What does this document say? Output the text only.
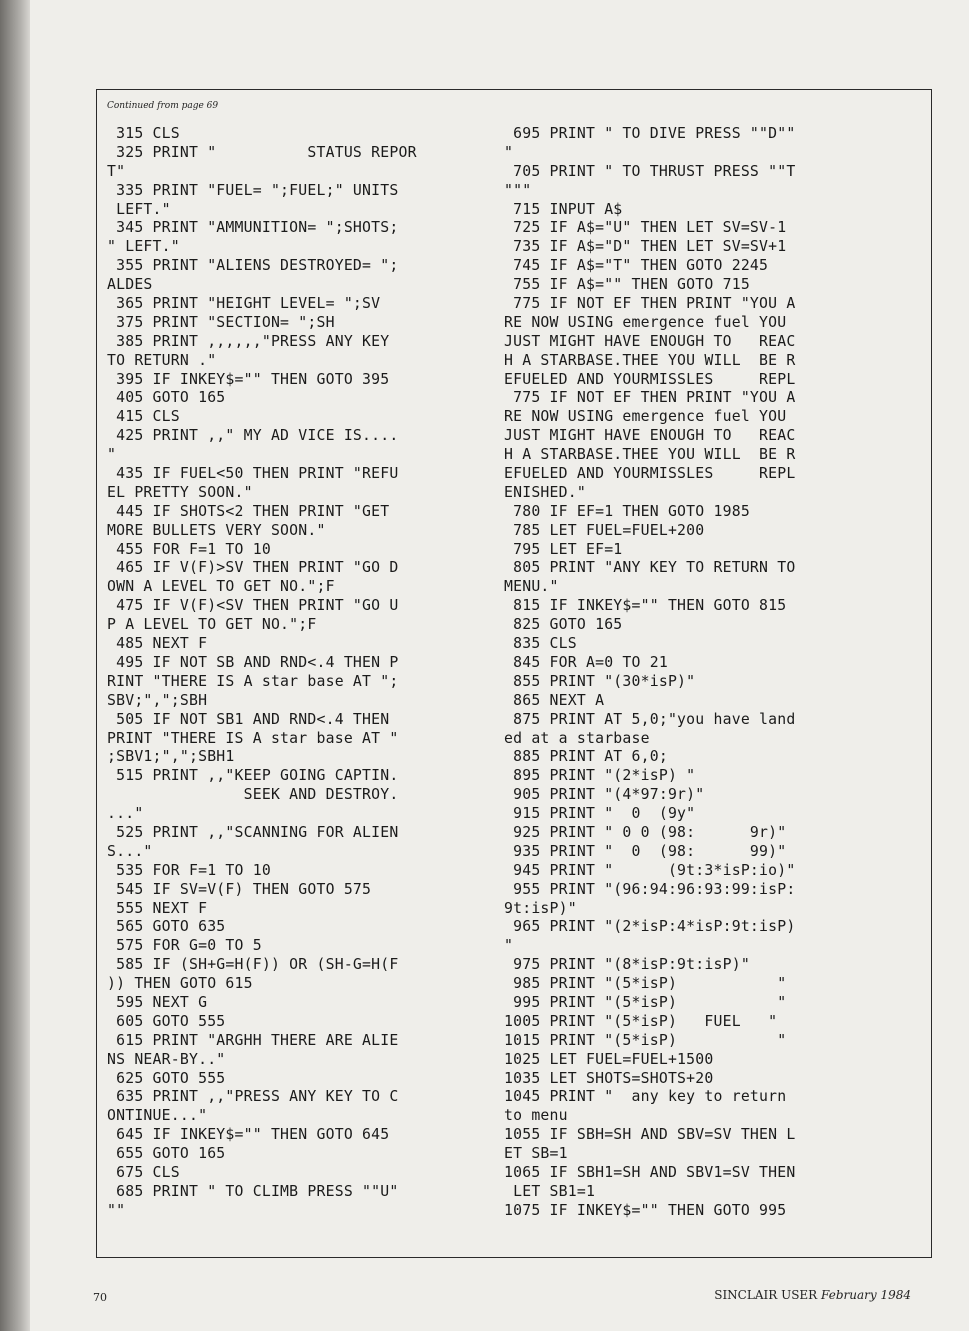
Continued from page 69
315 CLS
325 PRINT "          STATUS REPOR
T"
335 PRINT "FUEL= ";FUEL;" UNITS
LEFT."
345 PRINT "AMMUNITION= ";SHOTS;
" LEFT."
355 PRINT "ALIENS DESTROYED= ";
ALDES
365 PRINT "HEIGHT LEVEL= ";SV
375 PRINT "SECTION= ";SH
385 PRINT ,,,,,,"PRESS ANY KEY
TO RETURN ."
395 IF INKEY$="" THEN GOTO 395
405 GOTO 165
415 CLS
425 PRINT ,," MY AD VICE IS....
"
435 IF FUEL<50 THEN PRINT "REFU
EL PRETTY SOON."
445 IF SHOTS<2 THEN PRINT "GET
MORE BULLETS VERY SOON."
455 FOR F=1 TO 10
465 IF V(F)>SV THEN PRINT "GO D
OWN A LEVEL TO GET NO.";F
475 IF V(F)<SV THEN PRINT "GO U
P A LEVEL TO GET NO.";F
485 NEXT F
495 IF NOT SB AND RND<.4 THEN P
RINT "THERE IS A star base AT ";
SBV;",";SBH
505 IF NOT SB1 AND RND<.4 THEN
PRINT "THERE IS A star base AT "
;SBV1;",";SBH1
515 PRINT ,,"KEEP GOING CAPTIN.
SEEK AND DESTROY.
..."
525 PRINT ,,"SCANNING FOR ALIEN
S..."
535 FOR F=1 TO 10
545 IF SV=V(F) THEN GOTO 575
555 NEXT F
565 GOTO 635
575 FOR G=0 TO 5
585 IF (SH+G=H(F)) OR (SH-G=H(F
)) THEN GOTO 615
595 NEXT G
605 GOTO 555
615 PRINT "ARGHH THERE ARE ALIE
NS NEAR-BY.."
625 GOTO 555
635 PRINT ,,"PRESS ANY KEY TO C
ONTINUE..."
645 IF INKEY$="" THEN GOTO 645
655 GOTO 165
675 CLS
685 PRINT " TO CLIMB PRESS ""U"
""
695 PRINT " TO DIVE PRESS ""D""
"
705 PRINT " TO THRUST PRESS ""T
"""
715 INPUT A$
725 IF A$="U" THEN LET SV=SV-1
735 IF A$="D" THEN LET SV=SV+1
745 IF A$="T" THEN GOTO 2245
755 IF A$="" THEN GOTO 715
775 IF NOT EF THEN PRINT "YOU A
RE NOW USING emergence fuel YOU
JUST MIGHT HAVE ENOUGH TO   REAC
H A STARBASE.THEE YOU WILL  BE R
EFUELED AND YOURMISSLES     REPL
775 IF NOT EF THEN PRINT "YOU A
RE NOW USING emergence fuel YOU
JUST MIGHT HAVE ENOUGH TO   REAC
H A STARBASE.THEE YOU WILL  BE R
EFUELED AND YOURMISSLES     REPL
ENISHED."
780 IF EF=1 THEN GOTO 1985
785 LET FUEL=FUEL+200
795 LET EF=1
805 PRINT "ANY KEY TO RETURN TO
MENU."
815 IF INKEY$="" THEN GOTO 815
825 GOTO 165
835 CLS
845 FOR A=0 TO 21
855 PRINT "(30*isP)"
865 NEXT A
875 PRINT AT 5,0;"you have land
ed at a starbase
885 PRINT AT 6,0;
895 PRINT "(2*isP) "
905 PRINT "(4*97:9r)"
915 PRINT "  0  (9y"
925 PRINT " 0 0 (98:      9r)"
935 PRINT "  0  (98:      99)"
945 PRINT "      (9t:3*isP:io)"
955 PRINT "(96:94:96:93:99:isP:
9t:isP)"
965 PRINT "(2*isP:4*isP:9t:isP)
"
975 PRINT "(8*isP:9t:isP)"
985 PRINT "(5*isP)           "
995 PRINT "(5*isP)           "
1005 PRINT "(5*isP)   FUEL   "
1015 PRINT "(5*isP)           "
1025 LET FUEL=FUEL+1500
1035 LET SHOTS=SHOTS+20
1045 PRINT "  any key to return
to menu
1055 IF SBH=SH AND SBV=SV THEN L
ET SB=1
1065 IF SBH1=SH AND SBV1=SV THEN
LET SB1=1
1075 IF INKEY$="" THEN GOTO 995
70	SINCLAIR USER February 1984
